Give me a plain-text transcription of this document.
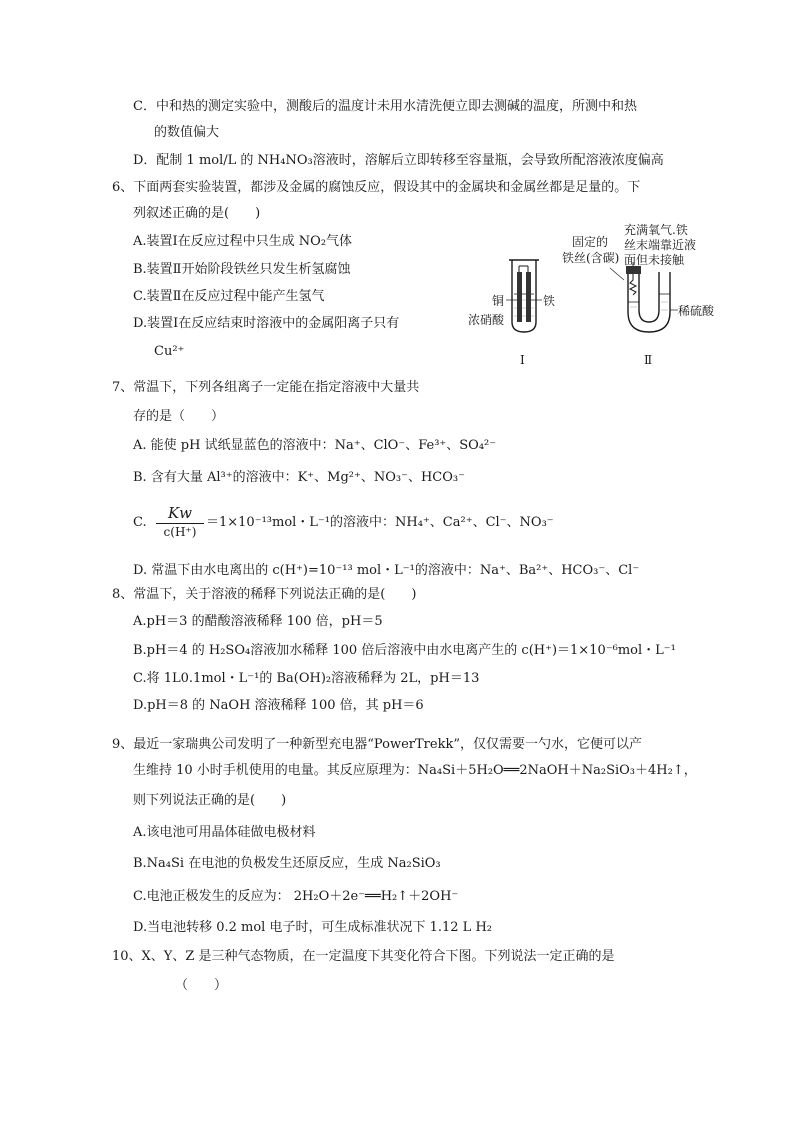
C．中和热的测定实验中，测酸后的温度计未用水清洗便立即去测碱的温度，所测中和热
的数值偏大
D．配制 1 mol/L 的 NH₄NO₃溶液时，溶解后立即转移至容量瓶，会导致所配溶液浓度偏高
6、下面两套实验装置，都涉及金属的腐蚀反应，假设其中的金属块和金属丝都是足量的。下
列叙述正确的是(　　)
A.装置Ⅰ在反应过程中只生成 NO₂气体
B.装置Ⅱ开始阶段铁丝只发生析氢腐蚀
C.装置Ⅱ在反应过程中能产生氢气
D.装置Ⅰ在反应结束时溶液中的金属阳离子只有
Cu²⁺
铜	铁
浓硝酸
Ⅰ
固定的
铁丝(含碳)
充满氧气.铁
丝末端靠近液
面但未接触
稀硫酸
Ⅱ
7、常温下，下列各组离子一定能在指定溶液中大量共
存的是（　　）
A. 能使 pH 试纸显蓝色的溶液中：Na⁺、ClO⁻、Fe³⁺、SO₄²⁻
B. 含有大量 Al³⁺的溶液中：K⁺、Mg²⁺、NO₃⁻、HCO₃⁻
C.
Kw
c(H⁺)
＝1×10⁻¹³mol・L⁻¹的溶液中：NH₄⁺、Ca²⁺、Cl⁻、NO₃⁻
D. 常温下由水电离出的 c(H⁺)=10⁻¹³ mol・L⁻¹的溶液中：Na⁺、Ba²⁺、HCO₃⁻、Cl⁻
8、常温下，关于溶液的稀释下列说法正确的是(　　)
A.pH＝3 的醋酸溶液稀释 100 倍，pH＝5
B.pH＝4 的 H₂SO₄溶液加水稀释 100 倍后溶液中由水电离产生的 c(H⁺)＝1×10⁻⁶mol・L⁻¹
C.将 1L0.1mol・L⁻¹的 Ba(OH)₂溶液稀释为 2L，pH＝13
D.pH＝8 的 NaOH 溶液稀释 100 倍，其 pH＝6
9、最近一家瑞典公司发明了一种新型充电器“PowerTrekk”，仅仅需要一勺水，它便可以产
生维持 10 小时手机使用的电量。其反应原理为：Na₄Si＋5H₂O══2NaOH＋Na₂SiO₃＋4H₂↑，
则下列说法正确的是(　　)
A.该电池可用晶体硅做电极材料
B.Na₄Si 在电池的负极发生还原反应，生成 Na₂SiO₃
C.电池正极发生的反应为： 2H₂O＋2e⁻══H₂↑＋2OH⁻
D.当电池转移 0.2 mol 电子时，可生成标准状况下 1.12 L H₂
10、X、Y、Z 是三种气态物质，在一定温度下其变化符合下图。下列说法一定正确的是
（　　）
